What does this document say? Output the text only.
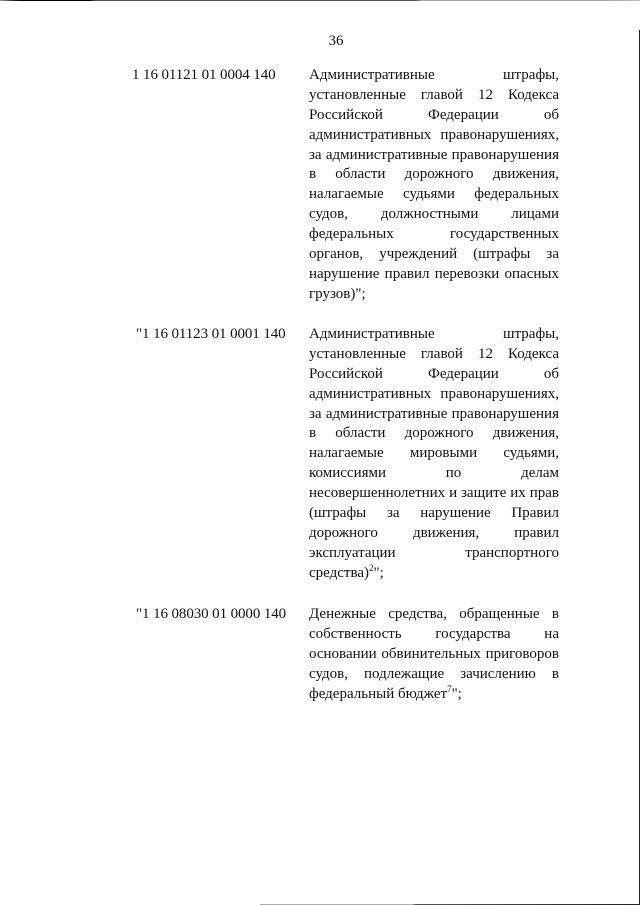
36
1 16 01121 01 0004 140	Административные	штрафы,
установленные главой 12 Кодекса
Российской	Федерации	об
административных правонарушениях,
за административные правонарушения
в области дорожного движения,
налагаемые судьями федеральных
судов, должностными лицами
федеральных	государственных
органов, учреждений (штрафы за
нарушение правил перевозки опасных
грузов)";
"1 16 01123 01 0001 140	Административные	штрафы,
установленные главой 12 Кодекса
Российской	Федерации	об
административных правонарушениях,
за административные правонарушения
в области дорожного движения,
налагаемые мировыми судьями,
комиссиями	по	делам
несовершеннолетних и защите их прав
(штрафы за нарушение Правил
дорожного движения, правил
эксплуатации	транспортного
средства)$^2$";
"1 16 08030 01 0000 140	Денежные средства, обращенные в
собственность государства на
основании обвинительных приговоров
судов, подлежащие зачислению в
федеральный бюджет$^7$";
